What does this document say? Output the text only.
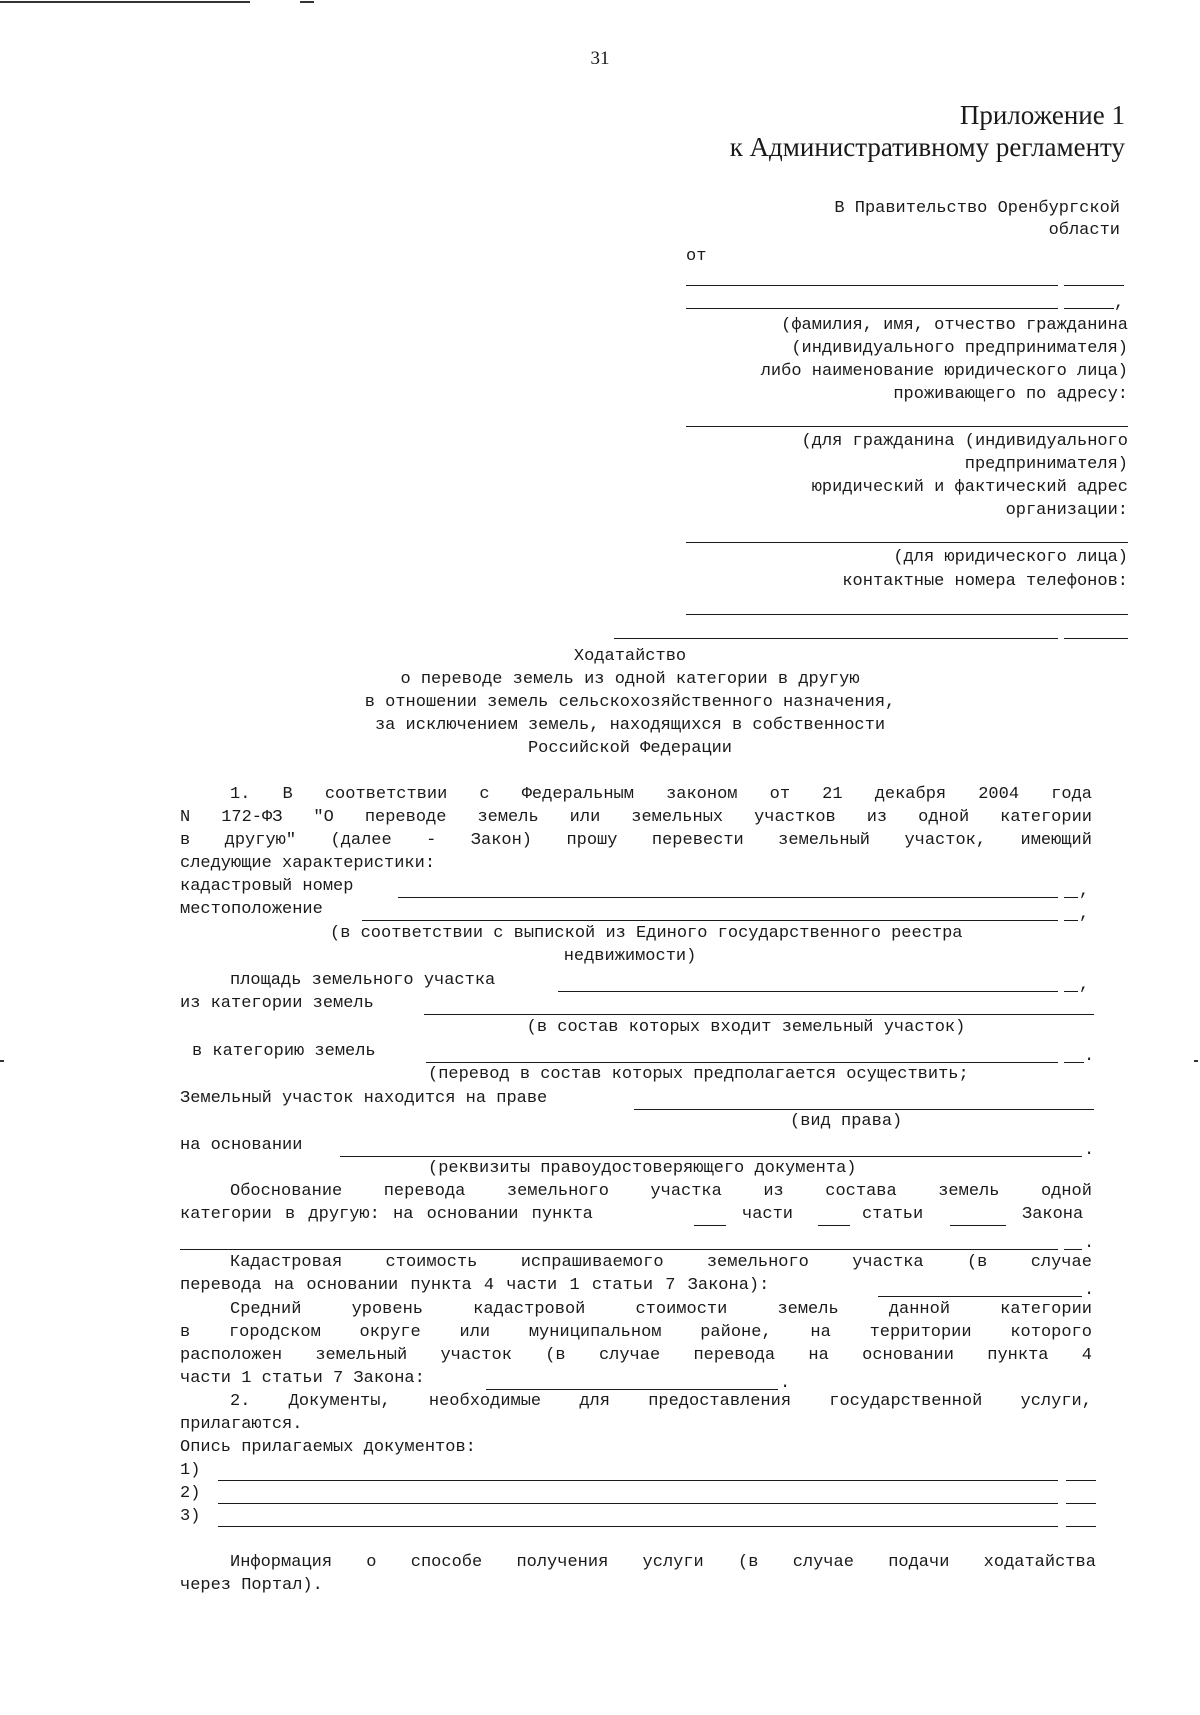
31
Приложение 1
к Административному регламенту
В Правительство Оренбургской
области
от
,
(фамилия, имя, отчество гражданина
(индивидуального предпринимателя)
либо наименование юридического лица)
проживающего по адресу:
(для гражданина (индивидуального
предпринимателя)
юридический и фактический адрес
организации:
(для юридического лица)
контактные номера телефонов:
Ходатайство
о переводе земель из одной категории в другую
в отношении земель сельскохозяйственного назначения,
за исключением земель, находящихся в собственности
Российской Федерации
1. В соответствии с Федеральным законом от 21 декабря 2004 года
N 172-ФЗ "О переводе земель или земельных участков из одной категории
в другую" (далее - Закон) прошу перевести земельный участок, имеющий
следующие характеристики:
кадастровый номер	,
местоположение	,
(в соответствии с выпиской из Единого государственного реестра
недвижимости)
площадь земельного участка	,
из категории земель
(в состав которых входит земельный участок)
в категорию земель	.
(перевод в состав которых предполагается осуществить;
Земельный участок находится на праве
(вид права)
на основании	.
(реквизиты правоудостоверяющего документа)
Обоснование перевода земельного участка из состава земель одной
категории в другую: на основании пункта	части	статьи	Закона
.
Кадастровая	стоимость	испрашиваемого	земельного	участка	(в	случае
перевода на основании пункта 4 части 1 статьи 7 Закона):	.
Средний	уровень	кадастровой	стоимости	земель	данной	категории
в городском округе или муниципальном районе, на территории которого
расположен земельный участок (в случае перевода на основании пункта 4
части 1 статьи 7 Закона:	.
2. Документы, необходимые для предоставления государственной услуги,
прилагаются.
Опись прилагаемых документов:
1)
2)
3)
Информация о способе получения услуги (в случае подачи ходатайства
через Портал).
